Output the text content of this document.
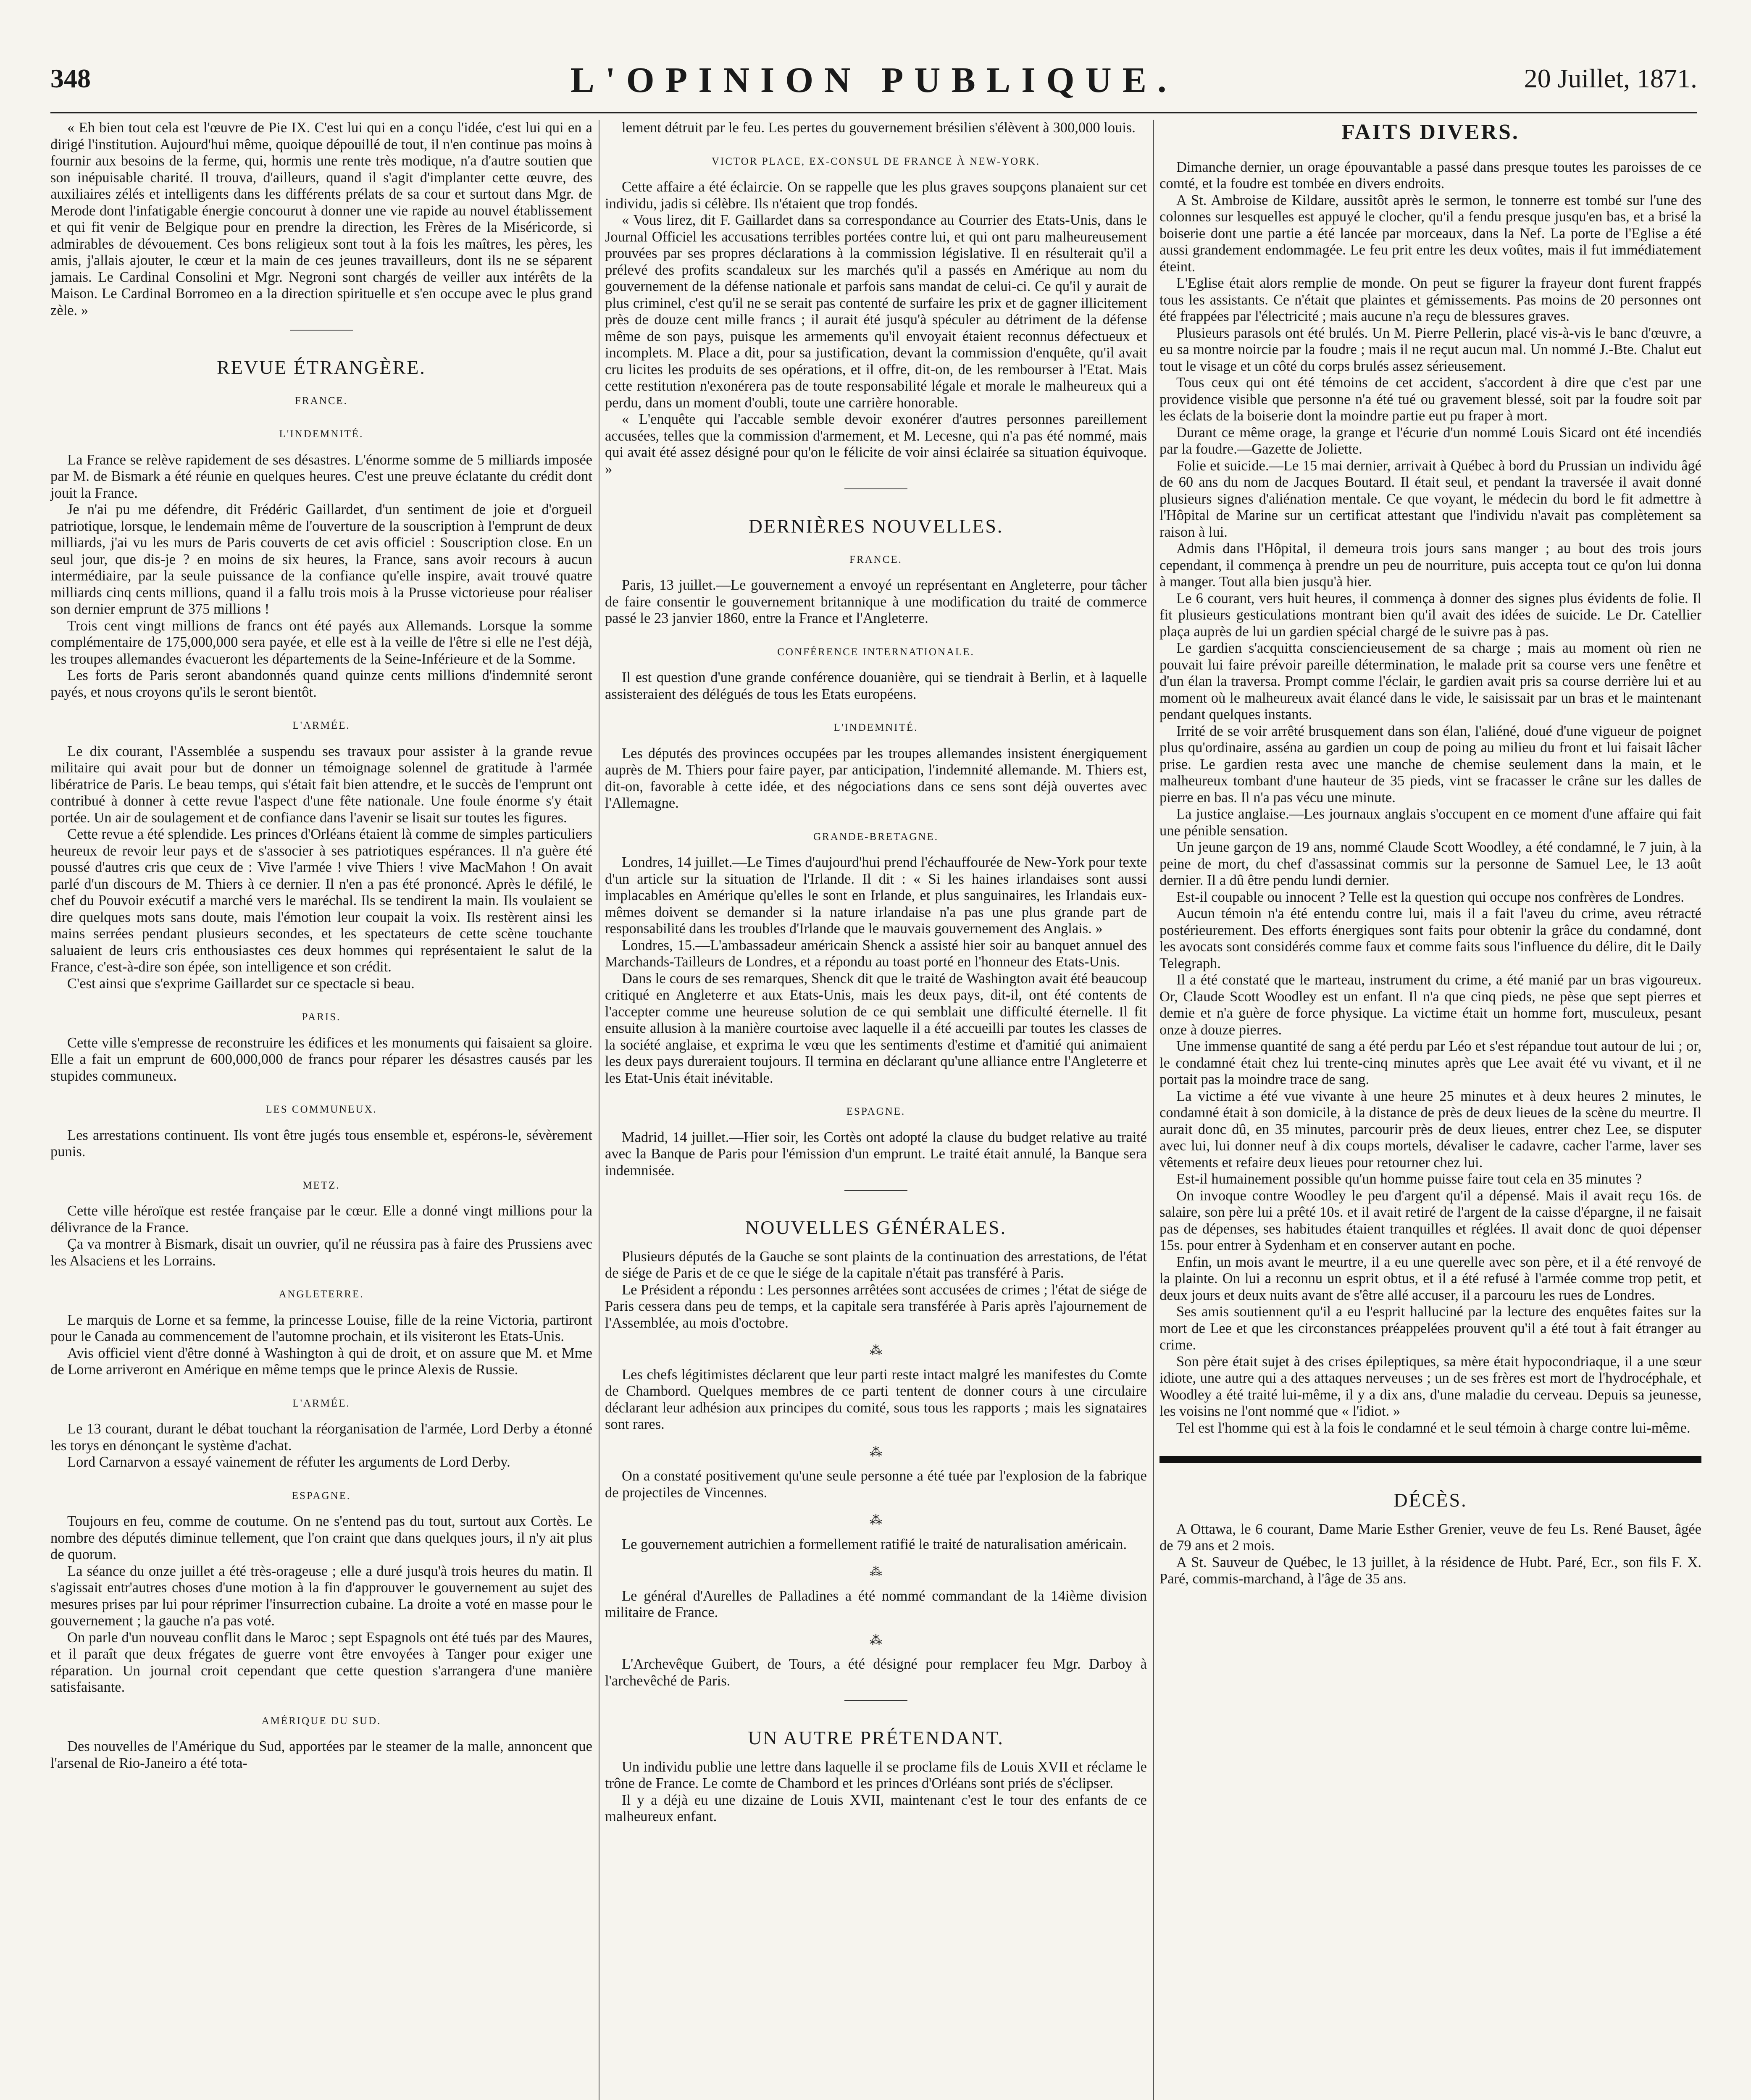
348	L'OPINION PUBLIQUE.	20 Juillet, 1871.

« Eh bien tout cela est l'œuvre de Pie IX. C'est lui qui en a conçu l'idée, c'est lui qui en a dirigé l'institution. Aujourd'hui même, quoique dépouillé de tout, il n'en continue pas moins à fournir aux besoins de la ferme, qui, hormis une rente très modique, n'a d'autre soutien que son inépuisable charité. Il trouva, d'ailleurs, quand il s'agit d'implanter cette œuvre, des auxiliaires zélés et intelligents dans les différents prélats de sa cour et surtout dans Mgr. de Merode dont l'infatigable énergie concourut à donner une vie rapide au nouvel établissement et qui fit venir de Belgique pour en prendre la direction, les Frères de la Miséricorde, si admirables de dévouement. Ces bons religieux sont tout à la fois les maîtres, les pères, les amis, j'allais ajouter, le cœur et la main de ces jeunes travailleurs, dont ils ne se séparent jamais. Le Cardinal Consolini et Mgr. Negroni sont chargés de veiller aux intérêts de la Maison. Le Cardinal Borromeo en a la direction spirituelle et s'en occupe avec le plus grand zèle. »

REVUE ÉTRANGÈRE.
FRANCE.
L'INDEMNITÉ.

La France se relève rapidement de ses désastres. L'énorme somme de 5 milliards imposée par M. de Bismark a été réunie en quelques heures. C'est une preuve éclatante du crédit dont jouit la France.

Je n'ai pu me défendre, dit Frédéric Gaillardet, d'un sentiment de joie et d'orgueil patriotique, lorsque, le lendemain même de l'ouverture de la souscription à l'emprunt de deux milliards, j'ai vu les murs de Paris couverts de cet avis officiel : Souscription close. En un seul jour, que dis-je ? en moins de six heures, la France, sans avoir recours à aucun intermédiaire, par la seule puissance de la confiance qu'elle inspire, avait trouvé quatre milliards cinq cents millions, quand il a fallu trois mois à la Prusse victorieuse pour réaliser son dernier emprunt de 375 millions !

Trois cent vingt millions de francs ont été payés aux Allemands. Lorsque la somme complémentaire de 175,000,000 sera payée, et elle est à la veille de l'être si elle ne l'est déjà, les troupes allemandes évacueront les départements de la Seine-Inférieure et de la Somme.

Les forts de Paris seront abandonnés quand quinze cents millions d'indemnité seront payés, et nous croyons qu'ils le seront bientôt.

L'ARMÉE.

Le dix courant, l'Assemblée a suspendu ses travaux pour assister à la grande revue militaire qui avait pour but de donner un témoignage solennel de gratitude à l'armée libératrice de Paris. Le beau temps, qui s'était fait bien attendre, et le succès de l'emprunt ont contribué à donner à cette revue l'aspect d'une fête nationale. Une foule énorme s'y était portée. Un air de soulagement et de confiance dans l'avenir se lisait sur toutes les figures.

Cette revue a été splendide. Les princes d'Orléans étaient là comme de simples particuliers heureux de revoir leur pays et de s'associer à ses patriotiques espérances. Il n'a guère été poussé d'autres cris que ceux de : Vive l'armée ! vive Thiers ! vive MacMahon ! On avait parlé d'un discours de M. Thiers à ce dernier. Il n'en a pas été prononcé. Après le défilé, le chef du Pouvoir exécutif a marché vers le maréchal. Ils se tendirent la main. Ils voulaient se dire quelques mots sans doute, mais l'émotion leur coupait la voix. Ils restèrent ainsi les mains serrées pendant plusieurs secondes, et les spectateurs de cette scène touchante saluaient de leurs cris enthousiastes ces deux hommes qui représentaient le salut de la France, c'est-à-dire son épée, son intelligence et son crédit.

C'est ainsi que s'exprime Gaillardet sur ce spectacle si beau.

PARIS.

Cette ville s'empresse de reconstruire les édifices et les monuments qui faisaient sa gloire. Elle a fait un emprunt de 600,000,000 de francs pour réparer les désastres causés par les stupides communeux.

LES COMMUNEUX.

Les arrestations continuent. Ils vont être jugés tous ensemble et, espérons-le, sévèrement punis.

METZ.

Cette ville héroïque est restée française par le cœur. Elle a donné vingt millions pour la délivrance de la France.

Ça va montrer à Bismark, disait un ouvrier, qu'il ne réussira pas à faire des Prussiens avec les Alsaciens et les Lorrains.

ANGLETERRE.

Le marquis de Lorne et sa femme, la princesse Louise, fille de la reine Victoria, partiront pour le Canada au commencement de l'automne prochain, et ils visiteront les Etats-Unis.

Avis officiel vient d'être donné à Washington à qui de droit, et on assure que M. et Mme de Lorne arriveront en Amérique en même temps que le prince Alexis de Russie.

L'ARMÉE.

Le 13 courant, durant le débat touchant la réorganisation de l'armée, Lord Derby a étonné les torys en dénonçant le système d'achat.

Lord Carnarvon a essayé vainement de réfuter les arguments de Lord Derby.

ESPAGNE.

Toujours en feu, comme de coutume. On ne s'entend pas du tout, surtout aux Cortès. Le nombre des députés diminue tellement, que l'on craint que dans quelques jours, il n'y ait plus de quorum.

La séance du onze juillet a été très-orageuse ; elle a duré jusqu'à trois heures du matin. Il s'agissait entr'autres choses d'une motion à la fin d'approuver le gouvernement au sujet des mesures prises par lui pour réprimer l'insurrection cubaine. La droite a voté en masse pour le gouvernement ; la gauche n'a pas voté.

On parle d'un nouveau conflit dans le Maroc ; sept Espagnols ont été tués par des Maures, et il paraît que deux frégates de guerre vont être envoyées à Tanger pour exiger une réparation. Un journal croit cependant que cette question s'arrangera d'une manière satisfaisante.

AMÉRIQUE DU SUD.

Des nouvelles de l'Amérique du Sud, apportées par le steamer de la malle, annoncent que l'arsenal de Rio-Janeiro a été tota-

lement détruit par le feu. Les pertes du gouvernement brésilien s'élèvent à 300,000 louis.

VICTOR PLACE, EX-CONSUL DE FRANCE À NEW-YORK.

Cette affaire a été éclaircie. On se rappelle que les plus graves soupçons planaient sur cet individu, jadis si célèbre. Ils n'étaient que trop fondés.

« Vous lirez, dit F. Gaillardet dans sa correspondance au Courrier des Etats-Unis, dans le Journal Officiel les accusations terribles portées contre lui, et qui ont paru malheureusement prouvées par ses propres déclarations à la commission législative. Il en résulterait qu'il a prélevé des profits scandaleux sur les marchés qu'il a passés en Amérique au nom du gouvernement de la défense nationale et parfois sans mandat de celui-ci. Ce qu'il y aurait de plus criminel, c'est qu'il ne se serait pas contenté de surfaire les prix et de gagner illicitement près de douze cent mille francs ; il aurait été jusqu'à spéculer au détriment de la défense même de son pays, puisque les armements qu'il envoyait étaient reconnus défectueux et incomplets. M. Place a dit, pour sa justification, devant la commission d'enquête, qu'il avait cru licites les produits de ses opérations, et il offre, dit-on, de les rembourser à l'Etat. Mais cette restitution n'exonérera pas de toute responsabilité légale et morale le malheureux qui a perdu, dans un moment d'oubli, toute une carrière honorable.

« L'enquête qui l'accable semble devoir exonérer d'autres personnes pareillement accusées, telles que la commission d'armement, et M. Lecesne, qui n'a pas été nommé, mais qui avait été assez désigné pour qu'on le félicite de voir ainsi éclairée sa situation équivoque. »

DERNIÈRES NOUVELLES.
FRANCE.

Paris, 13 juillet.—Le gouvernement a envoyé un représentant en Angleterre, pour tâcher de faire consentir le gouvernement britannique à une modification du traité de commerce passé le 23 janvier 1860, entre la France et l'Angleterre.

CONFÉRENCE INTERNATIONALE.

Il est question d'une grande conférence douanière, qui se tiendrait à Berlin, et à laquelle assisteraient des délégués de tous les Etats européens.

L'INDEMNITÉ.

Les députés des provinces occupées par les troupes allemandes insistent énergiquement auprès de M. Thiers pour faire payer, par anticipation, l'indemnité allemande. M. Thiers est, dit-on, favorable à cette idée, et des négociations dans ce sens sont déjà ouvertes avec l'Allemagne.

GRANDE-BRETAGNE.

Londres, 14 juillet.—Le Times d'aujourd'hui prend l'échauffourée de New-York pour texte d'un article sur la situation de l'Irlande. Il dit : « Si les haines irlandaises sont aussi implacables en Amérique qu'elles le sont en Irlande, et plus sanguinaires, les Irlandais eux-mêmes doivent se demander si la nature irlandaise n'a pas une plus grande part de responsabilité dans les troubles d'Irlande que le mauvais gouvernement des Anglais. »

Londres, 15.—L'ambassadeur américain Shenck a assisté hier soir au banquet annuel des Marchands-Tailleurs de Londres, et a répondu au toast porté en l'honneur des Etats-Unis.

Dans le cours de ses remarques, Shenck dit que le traité de Washington avait été beaucoup critiqué en Angleterre et aux Etats-Unis, mais les deux pays, dit-il, ont été contents de l'accepter comme une heureuse solution de ce qui semblait une difficulté éternelle. Il fit ensuite allusion à la manière courtoise avec laquelle il a été accueilli par toutes les classes de la société anglaise, et exprima le vœu que les sentiments d'estime et d'amitié qui animaient les deux pays dureraient toujours. Il termina en déclarant qu'une alliance entre l'Angleterre et les Etat-Unis était inévitable.

ESPAGNE.

Madrid, 14 juillet.—Hier soir, les Cortès ont adopté la clause du budget relative au traité avec la Banque de Paris pour l'émission d'un emprunt. Le traité était annulé, la Banque sera indemnisée.

NOUVELLES GÉNÉRALES.

Plusieurs députés de la Gauche se sont plaints de la continuation des arrestations, de l'état de siége de Paris et de ce que le siége de la capitale n'était pas transféré à Paris.

Le Président a répondu : Les personnes arrêtées sont accusées de crimes ; l'état de siége de Paris cessera dans peu de temps, et la capitale sera transférée à Paris après l'ajournement de l'Assemblée, au mois d'octobre.

⁂

Les chefs légitimistes déclarent que leur parti reste intact malgré les manifestes du Comte de Chambord. Quelques membres de ce parti tentent de donner cours à une circulaire déclarant leur adhésion aux principes du comité, sous tous les rapports ; mais les signataires sont rares.

⁂

On a constaté positivement qu'une seule personne a été tuée par l'explosion de la fabrique de projectiles de Vincennes.

⁂

Le gouvernement autrichien a formellement ratifié le traité de naturalisation américain.

⁂

Le général d'Aurelles de Palladines a été nommé commandant de la 14ième division militaire de France.

⁂

L'Archevêque Guibert, de Tours, a été désigné pour remplacer feu Mgr. Darboy à l'archevêché de Paris.

UN AUTRE PRÉTENDANT.

Un individu publie une lettre dans laquelle il se proclame fils de Louis XVII et réclame le trône de France. Le comte de Chambord et les princes d'Orléans sont priés de s'éclipser.

Il y a déjà eu une dizaine de Louis XVII, maintenant c'est le tour des enfants de ce malheureux enfant.

FAITS DIVERS.

Dimanche dernier, un orage épouvantable a passé dans presque toutes les paroisses de ce comté, et la foudre est tombée en divers endroits.

A St. Ambroise de Kildare, aussitôt après le sermon, le tonnerre est tombé sur l'une des colonnes sur lesquelles est appuyé le clocher, qu'il a fendu presque jusqu'en bas, et a brisé la boiserie dont une partie a été lancée par morceaux, dans la Nef. La porte de l'Eglise a été aussi grandement endommagée. Le feu prit entre les deux voûtes, mais il fut immédiatement éteint.

L'Eglise était alors remplie de monde. On peut se figurer la frayeur dont furent frappés tous les assistants. Ce n'était que plaintes et gémissements. Pas moins de 20 personnes ont été frappées par l'électricité ; mais aucune n'a reçu de blessures graves.

Plusieurs parasols ont été brulés. Un M. Pierre Pellerin, placé vis-à-vis le banc d'œuvre, a eu sa montre noircie par la foudre ; mais il ne reçut aucun mal. Un nommé J.-Bte. Chalut eut tout le visage et un côté du corps brulés assez sérieusement.

Tous ceux qui ont été témoins de cet accident, s'accordent à dire que c'est par une providence visible que personne n'a été tué ou gravement blessé, soit par la foudre soit par les éclats de la boiserie dont la moindre partie eut pu fraper à mort.

Durant ce même orage, la grange et l'écurie d'un nommé Louis Sicard ont été incendiés par la foudre.—Gazette de Joliette.

Folie et suicide.—Le 15 mai dernier, arrivait à Québec à bord du Prussian un individu âgé de 60 ans du nom de Jacques Boutard. Il était seul, et pendant la traversée il avait donné plusieurs signes d'aliénation mentale. Ce que voyant, le médecin du bord le fit admettre à l'Hôpital de Marine sur un certificat attestant que l'individu n'avait pas complètement sa raison à lui.

Admis dans l'Hôpital, il demeura trois jours sans manger ; au bout des trois jours cependant, il commença à prendre un peu de nourriture, puis accepta tout ce qu'on lui donna à manger. Tout alla bien jusqu'à hier.

Le 6 courant, vers huit heures, il commença à donner des signes plus évidents de folie. Il fit plusieurs gesticulations montrant bien qu'il avait des idées de suicide. Le Dr. Catellier plaça auprès de lui un gardien spécial chargé de le suivre pas à pas.

Le gardien s'acquitta consciencieusement de sa charge ; mais au moment où rien ne pouvait lui faire prévoir pareille détermination, le malade prit sa course vers une fenêtre et d'un élan la traversa. Prompt comme l'éclair, le gardien avait pris sa course derrière lui et au moment où le malheureux avait élancé dans le vide, le saisissait par un bras et le maintenant pendant quelques instants.

Irrité de se voir arrêté brusquement dans son élan, l'aliéné, doué d'une vigueur de poignet plus qu'ordinaire, asséna au gardien un coup de poing au milieu du front et lui faisait lâcher prise. Le gardien resta avec une manche de chemise seulement dans la main, et le malheureux tombant d'une hauteur de 35 pieds, vint se fracasser le crâne sur les dalles de pierre en bas. Il n'a pas vécu une minute.

La justice anglaise.—Les journaux anglais s'occupent en ce moment d'une affaire qui fait une pénible sensation.

Un jeune garçon de 19 ans, nommé Claude Scott Woodley, a été condamné, le 7 juin, à la peine de mort, du chef d'assassinat commis sur la personne de Samuel Lee, le 13 août dernier. Il a dû être pendu lundi dernier.

Est-il coupable ou innocent ? Telle est la question qui occupe nos confrères de Londres.

Aucun témoin n'a été entendu contre lui, mais il a fait l'aveu du crime, aveu rétracté postérieurement. Des efforts énergiques sont faits pour obtenir la grâce du condamné, dont les avocats sont considérés comme faux et comme faits sous l'influence du délire, dit le Daily Telegraph.

Il a été constaté que le marteau, instrument du crime, a été manié par un bras vigoureux. Or, Claude Scott Woodley est un enfant. Il n'a que cinq pieds, ne pèse que sept pierres et demie et n'a guère de force physique. La victime était un homme fort, musculeux, pesant onze à douze pierres.

Une immense quantité de sang a été perdu par Léo et s'est répandue tout autour de lui ; or, le condamné était chez lui trente-cinq minutes après que Lee avait été vu vivant, et il ne portait pas la moindre trace de sang.

La victime a été vue vivante à une heure 25 minutes et à deux heures 2 minutes, le condamné était à son domicile, à la distance de près de deux lieues de la scène du meurtre. Il aurait donc dû, en 35 minutes, parcourir près de deux lieues, entrer chez Lee, se disputer avec lui, lui donner neuf à dix coups mortels, dévaliser le cadavre, cacher l'arme, laver ses vêtements et refaire deux lieues pour retourner chez lui.

Est-il humainement possible qu'un homme puisse faire tout cela en 35 minutes ?

On invoque contre Woodley le peu d'argent qu'il a dépensé. Mais il avait reçu 16s. de salaire, son père lui a prêté 10s. et il avait retiré de l'argent de la caisse d'épargne, il ne faisait pas de dépenses, ses habitudes étaient tranquilles et réglées. Il avait donc de quoi dépenser 15s. pour entrer à Sydenham et en conserver autant en poche.

Enfin, un mois avant le meurtre, il a eu une querelle avec son père, et il a été renvoyé de la plainte. On lui a reconnu un esprit obtus, et il a été refusé à l'armée comme trop petit, et deux jours et deux nuits avant de s'être allé accuser, il a parcouru les rues de Londres.

Ses amis soutiennent qu'il a eu l'esprit halluciné par la lecture des enquêtes faites sur la mort de Lee et que les circonstances préappelées prouvent qu'il a été tout à fait étranger au crime.

Son père était sujet à des crises épileptiques, sa mère était hypocondriaque, il a une sœur idiote, une autre qui a des attaques nerveuses ; un de ses frères est mort de l'hydrocéphale, et Woodley a été traité lui-même, il y a dix ans, d'une maladie du cerveau. Depuis sa jeunesse, les voisins ne l'ont nommé que « l'idiot. »

Tel est l'homme qui est à la fois le condamné et le seul témoin à charge contre lui-même.

DÉCÈS.

A Ottawa, le 6 courant, Dame Marie Esther Grenier, veuve de feu Ls. René Bauset, âgée de 79 ans et 2 mois.

A St. Sauveur de Québec, le 13 juillet, à la résidence de Hubt. Paré, Ecr., son fils F. X. Paré, commis-marchand, à l'âge de 35 ans.
